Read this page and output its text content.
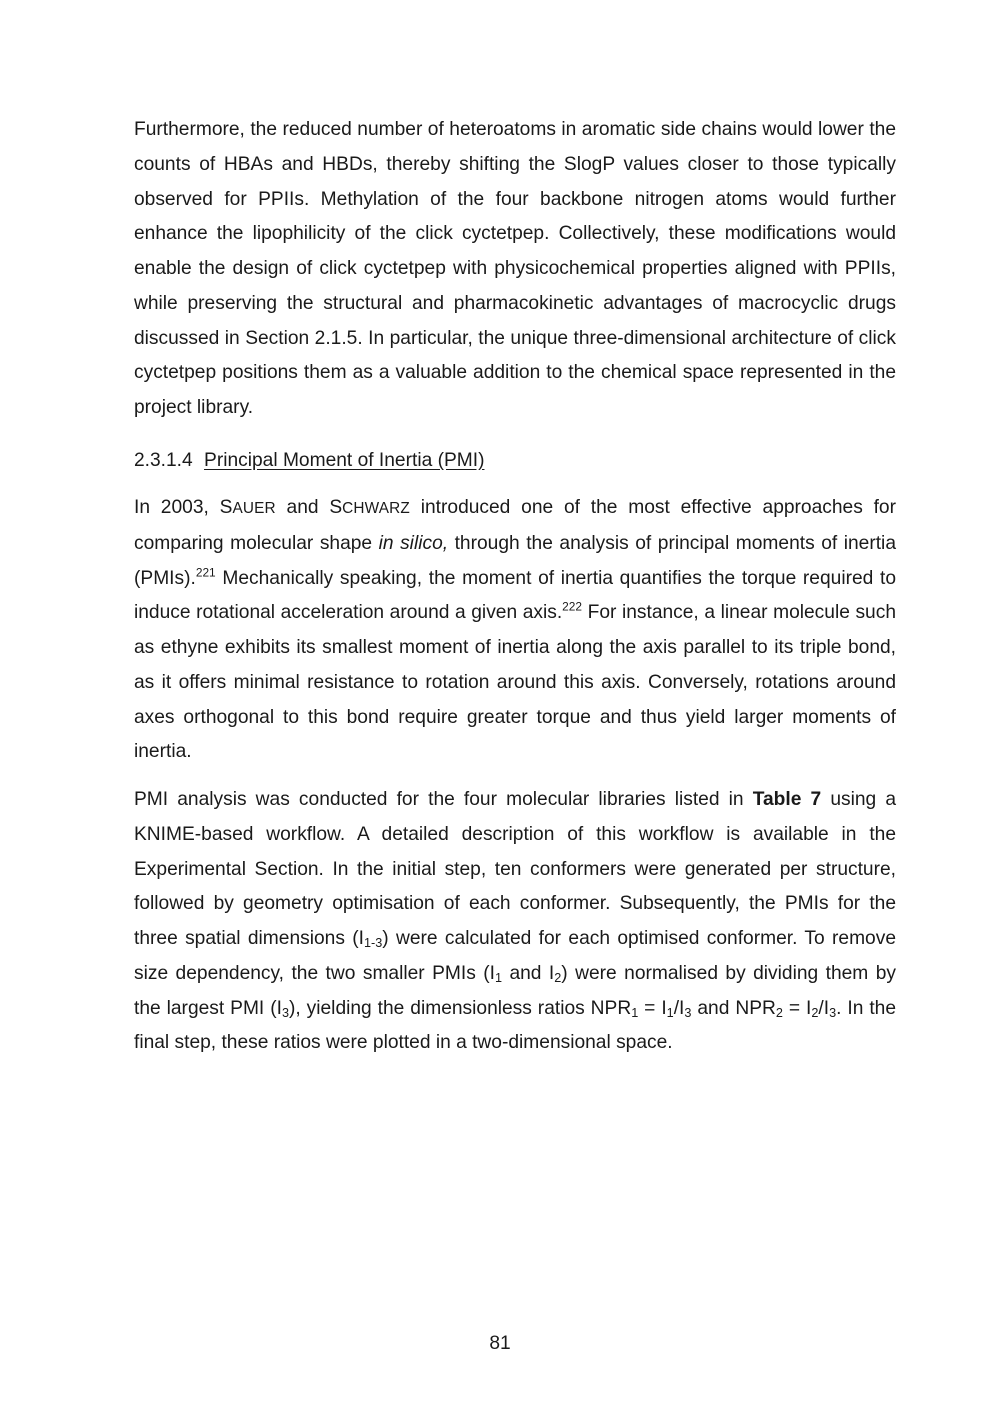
Furthermore, the reduced number of heteroatoms in aromatic side chains would lower the counts of HBAs and HBDs, thereby shifting the SlogP values closer to those typically observed for PPIIs. Methylation of the four backbone nitrogen atoms would further enhance the lipophilicity of the click cyctetpep. Collectively, these modifications would enable the design of click cyctetpep with physicochemical properties aligned with PPIIs, while preserving the structural and pharmacokinetic advantages of macrocyclic drugs discussed in Section 2.1.5. In particular, the unique three-dimensional architecture of click cyctetpep positions them as a valuable addition to the chemical space represented in the project library.

2.3.1.4 Principal Moment of Inertia (PMI)

In 2003, SAUER and SCHWARZ introduced one of the most effective approaches for comparing molecular shape in silico, through the analysis of principal moments of inertia (PMIs).$^{221}$ Mechanically speaking, the moment of inertia quantifies the torque required to induce rotational acceleration around a given axis.$^{222}$ For instance, a linear molecule such as ethyne exhibits its smallest moment of inertia along the axis parallel to its triple bond, as it offers minimal resistance to rotation around this axis. Conversely, rotations around axes orthogonal to this bond require greater torque and thus yield larger moments of inertia.

PMI analysis was conducted for the four molecular libraries listed in Table 7 using a KNIME-based workflow. A detailed description of this workflow is available in the Experimental Section. In the initial step, ten conformers were generated per structure, followed by geometry optimisation of each conformer. Subsequently, the PMIs for the three spatial dimensions $(I_{1-3})$ were calculated for each optimised conformer. To remove size dependency, the two smaller PMIs ($I_1$ and $I_2$) were normalised by dividing them by the largest PMI $(I_3)$, yielding the dimensionless ratios $NPR_1 = I_1/I_3$ and $NPR_2 = I_2/I_3$. In the final step, these ratios were plotted in a two-dimensional space.

81
